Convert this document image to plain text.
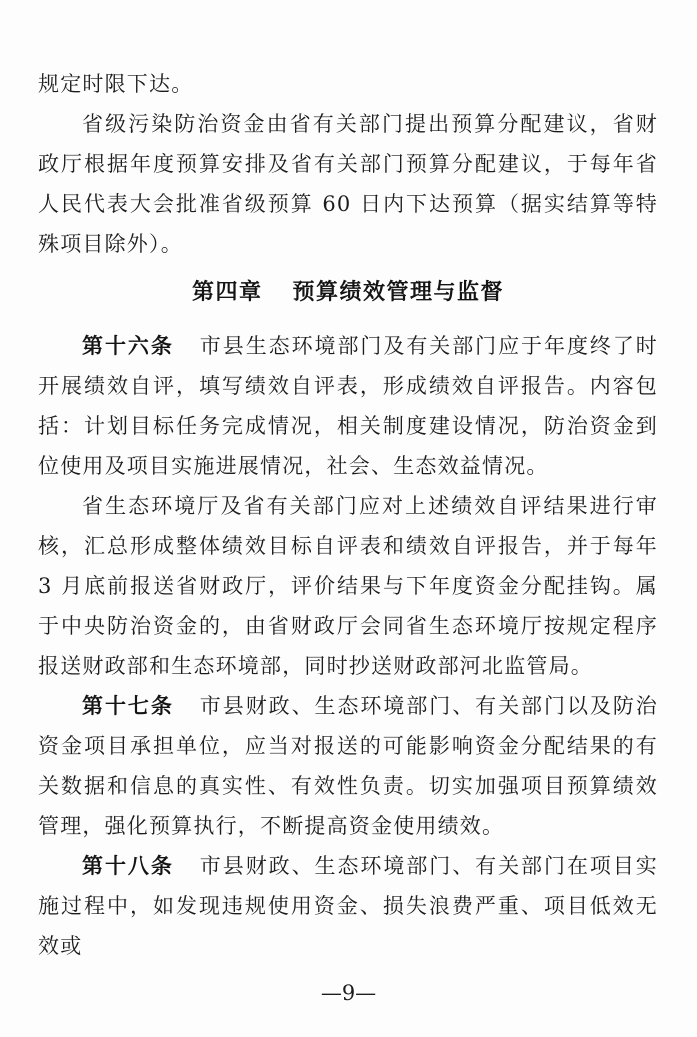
规定时限下达。

省级污染防治资金由省有关部门提出预算分配建议，省财政厅根据年度预算安排及省有关部门预算分配建议，于每年省人民代表大会批准省级预算 60 日内下达预算（据实结算等特殊项目除外）。

第四章 预算绩效管理与监督

第十六条 市县生态环境部门及有关部门应于年度终了时开展绩效自评，填写绩效自评表，形成绩效自评报告。内容包括：计划目标任务完成情况，相关制度建设情况，防治资金到位使用及项目实施进展情况，社会、生态效益情况。

省生态环境厅及省有关部门应对上述绩效自评结果进行审核，汇总形成整体绩效目标自评表和绩效自评报告，并于每年 3 月底前报送省财政厅，评价结果与下年度资金分配挂钩。属于中央防治资金的，由省财政厅会同省生态环境厅按规定程序报送财政部和生态环境部，同时抄送财政部河北监管局。

第十七条 市县财政、生态环境部门、有关部门以及防治资金项目承担单位，应当对报送的可能影响资金分配结果的有关数据和信息的真实性、有效性负责。切实加强项目预算绩效管理，强化预算执行，不断提高资金使用绩效。

第十八条 市县财政、生态环境部门、有关部门在项目实施过程中，如发现违规使用资金、损失浪费严重、项目低效无效或

—9—
